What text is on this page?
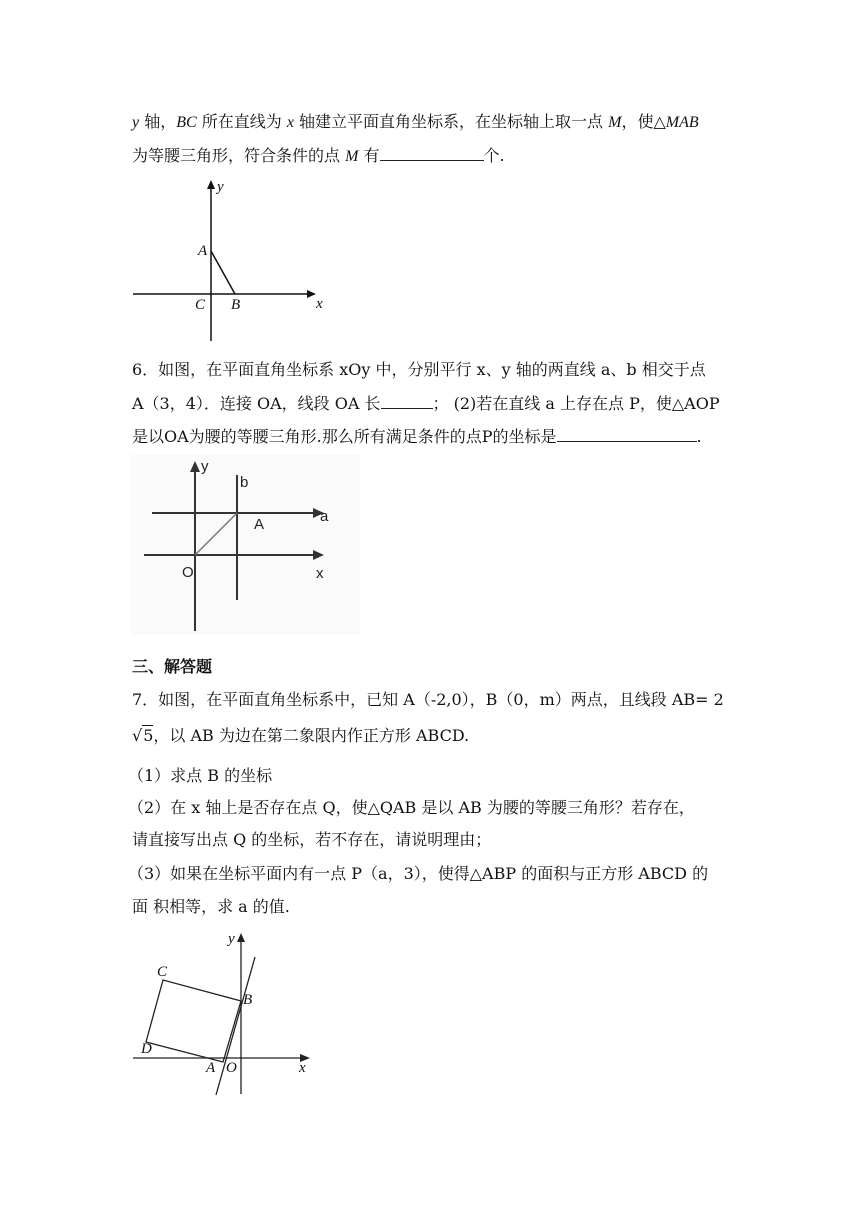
y 轴，BC 所在直线为 x 轴建立平面直角坐标系，在坐标轴上取一点 M，使△MAB
为等腰三角形，符合条件的点 M 有	个.
y
x
A
C B
6．如图，在平面直角坐标系 xOy 中，分别平行 x、y 轴的两直线 a、b 相交于点
A（3，4）．连接 OA，线段 OA 长	； (2)若在直线 a 上存在点 P，使△AOP
是以OA为腰的等腰三角形.那么所有满足条件的点P的坐标是	.
y
b
a
A
O	x
三、解答题
7．如图，在平面直角坐标系中，已知 A（-2,0），B（0，m）两点，且线段 AB= 2
√5，以 AB 为边在第二象限内作正方形 ABCD.
（1）求点 B 的坐标
（2）在 x 轴上是否存在点 Q，使△QAB 是以 AB 为腰的等腰三角形？若存在，
请直接写出点 Q 的坐标，若不存在，请说明理由；
（3）如果在坐标平面内有一点 P（a，3），使得△ABP 的面积与正方形 ABCD 的
面 积相等，求 a 的值.
y
x
C
B
D
A O
